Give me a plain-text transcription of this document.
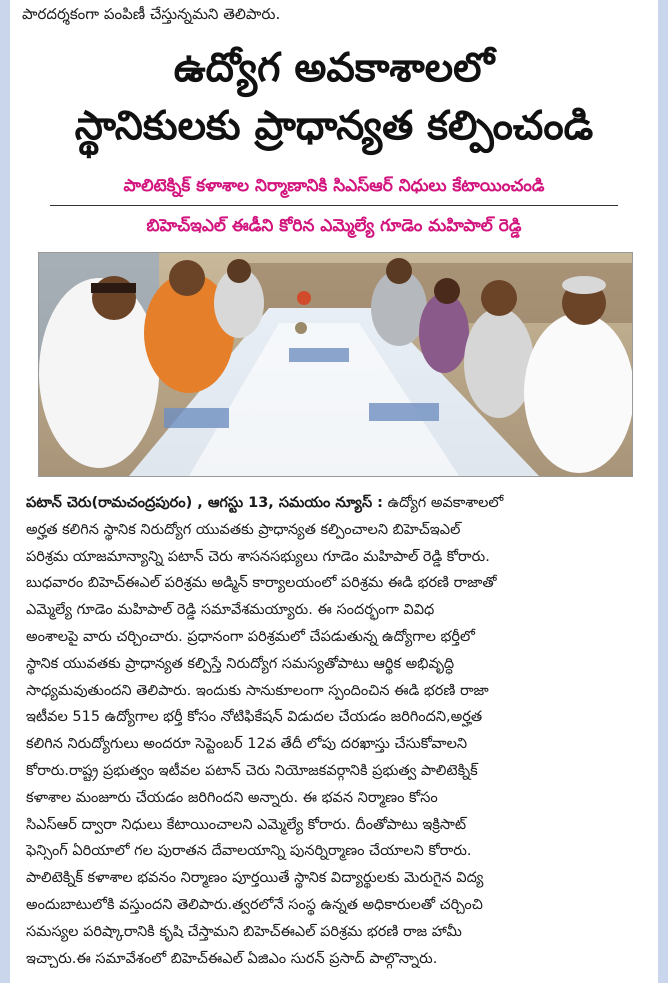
పారదర్శకంగా పంపిణీ చేస్తున్నమని తెలిపారు.
ఉద్యోగ అవకాశాలలో
స్థానికులకు ప్రాధాన్యత కల్పించండి
పాలిటెక్నిక్ కళాశాల నిర్మాణానికి సిఎస్ఆర్ నిధులు కేటాయించండి
బిహెచ్ఇఎల్ ఈడీని కోరిన ఎమ్మెల్యే గూడెం మహిపాల్ రెడ్డి
పటాన్ చెరు(రామచంద్రపురం) , ఆగస్టు 13, సమయం న్యూస్ : ఉద్యోగ అవకాశాలలో
అర్హత కలిగిన స్థానిక నిరుద్యోగ యువతకు ప్రాధాన్యత కల్పించాలని బిహెచ్ఇఎల్
పరిశ్రమ యాజమాన్యాన్ని పటాన్ చెరు శాసనసభ్యులు గూడెం మహిపాల్ రెడ్డి కోరారు.
బుధవారం బిహెచ్ఈఎల్ పరిశ్రమ అడ్మిన్ కార్యాలయంలో పరిశ్రమ ఈడి భరణి రాజాతో
ఎమ్మెల్యే గూడెం మహిపాల్ రెడ్డి సమావేశమయ్యారు. ఈ సందర్భంగా వివిధ
అంశాలపై వారు చర్చించారు. ప్రధానంగా పరిశ్రమలో చేపడుతున్న ఉద్యోగాల భర్తీలో
స్థానిక యువతకు ప్రాధాన్యత కల్పిస్తే నిరుద్యోగ సమస్యతోపాటు ఆర్థిక అభివృద్ధి
సాధ్యమవుతుందని తెలిపారు. ఇందుకు సానుకూలంగా స్పందించిన ఈడి భరణి రాజా
ఇటీవల 515 ఉద్యోగాల భర్తీ కోసం నోటిఫికేషన్ విడుదల చేయడం జరిగిందని,అర్హత
కలిగిన నిరుద్యోగులు అందరూ సెప్టెంబర్ 12వ తేదీ లోపు దరఖాస్తు చేసుకోవాలని
కోరారు.రాష్ట్ర ప్రభుత్వం ఇటీవల పటాన్ చెరు నియోజకవర్గానికి ప్రభుత్వ పాలిటెక్నిక్
కళాశాల మంజూరు చేయడం జరిగిందని అన్నారు. ఈ భవన నిర్మాణం కోసం
సిఎస్ఆర్ ద్వారా నిధులు కేటాయించాలని ఎమ్మెల్యే కోరారు. దీంతోపాటు ఇక్రిసాట్
ఫెన్సింగ్ ఏరియాలో గల పురాతన దేవాలయాన్ని పునర్నిర్మాణం చేయాలని కోరారు.
పాలిటెక్నిక్ కళాశాల భవనం నిర్మాణం పూర్తయితే స్థానిక విద్యార్థులకు మెరుగైన విద్య
అందుబాటులోకి వస్తుందని తెలిపారు.త్వరలోనే సంస్థ ఉన్నత అధికారులతో చర్చించి
సమస్యల పరిష్కారానికి కృషి చేస్తామని బిహెచ్ఈఎల్ పరిశ్రమ భరణి రాజ హామీ
ఇచ్చారు.ఈ సమావేశంలో బిహెచ్ఈఎల్ ఏజిఎం సురన్ ప్రసాద్ పాల్గొన్నారు.
